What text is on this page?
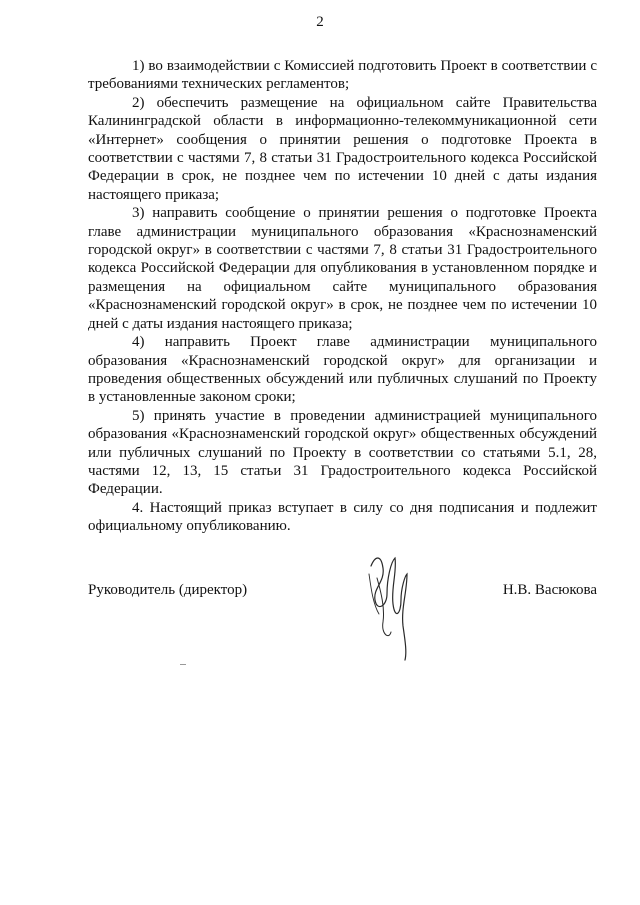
2

1) во взаимодействии с Комиссией подготовить Проект в соответствии с требованиями технических регламентов;

2) обеспечить размещение на официальном сайте Правительства Калининградской области в информационно-телекоммуникационной сети «Интернет» сообщения о принятии решения о подготовке Проекта в соответствии с частями 7, 8 статьи 31 Градостроительного кодекса Российской Федерации в срок, не позднее чем по истечении 10 дней с даты издания настоящего приказа;

3) направить сообщение о принятии решения о подготовке Проекта главе администрации муниципального образования «Краснознаменский городской округ» в соответствии с частями 7, 8 статьи 31 Градостроительного кодекса Российской Федерации для опубликования в установленном порядке и размещения на официальном сайте муниципального образования «Краснознаменский городской округ» в срок, не позднее чем по истечении 10 дней с даты издания настоящего приказа;

4) направить Проект главе администрации муниципального образования «Краснознаменский городской округ» для организации и проведения общественных обсуждений или публичных слушаний по Проекту в установленные законом сроки;

5) принять участие в проведении администрацией муниципального образования «Краснознаменский городской округ» общественных обсуждений или публичных слушаний по Проекту в соответствии со статьями 5.1, 28, частями 12, 13, 15 статьи 31 Градостроительного кодекса Российской Федерации.

4. Настоящий приказ вступает в силу со дня подписания и подлежит официальному опубликованию.

Руководитель (директор)	Н.В. Васюкова
